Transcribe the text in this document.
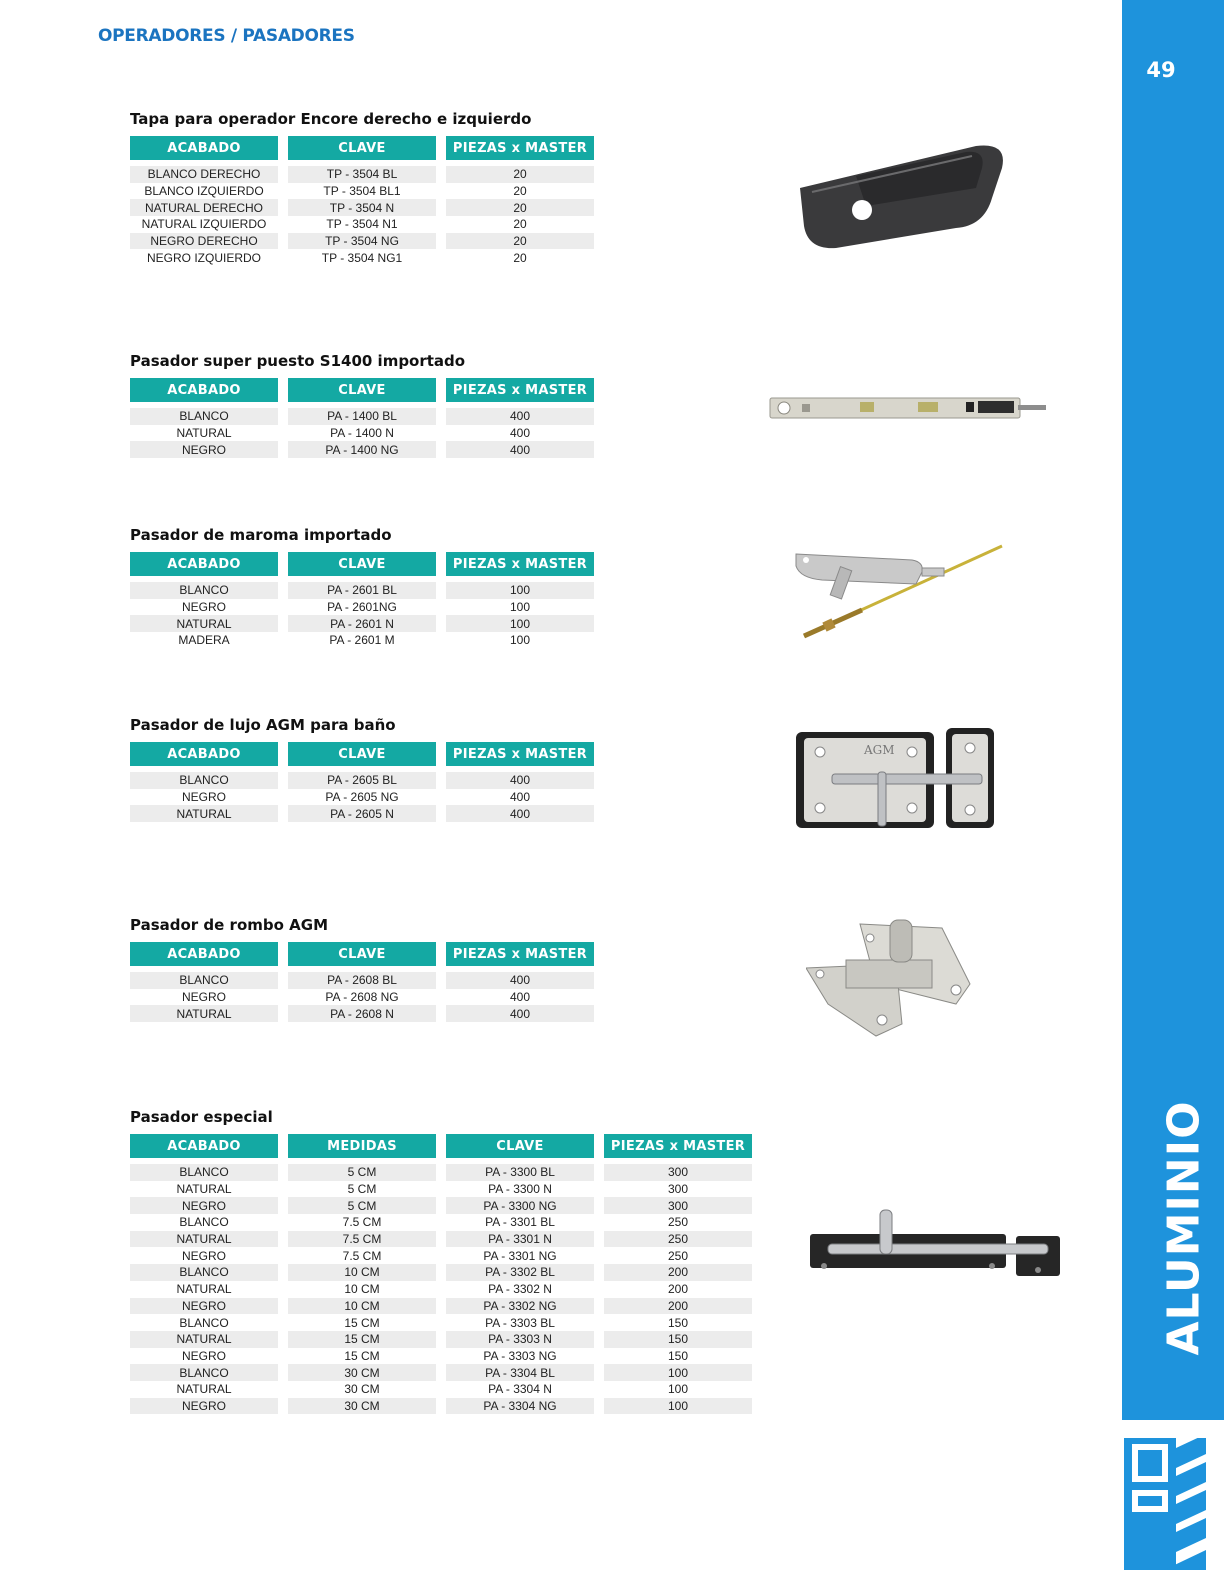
OPERADORES / PASADORES
49
ALUMINIO
Tapa para operador Encore derecho e izquierdo
ACABADO
BLANCO DERECHO
BLANCO IZQUIERDO
NATURAL DERECHO
NATURAL IZQUIERDO
NEGRO DERECHO
NEGRO IZQUIERDO
CLAVE
TP - 3504 BL
TP - 3504 BL1
TP - 3504 N
TP - 3504 N1
TP - 3504 NG
TP - 3504 NG1
PIEZAS x MASTER
20
20
20
20
20
20
Pasador super puesto S1400 importado
ACABADO
BLANCO
NATURAL
NEGRO
CLAVE
PA - 1400 BL
PA - 1400 N
PA - 1400 NG
PIEZAS x MASTER
400
400
400
Pasador de maroma importado
ACABADO
BLANCO
NEGRO
NATURAL
MADERA
CLAVE
PA - 2601 BL
PA - 2601NG
PA - 2601 N
PA - 2601 M
PIEZAS x MASTER
100
100
100
100
Pasador de lujo AGM para baño
ACABADO
BLANCO
NEGRO
NATURAL
CLAVE
PA - 2605 BL
PA - 2605 NG
PA - 2605 N
PIEZAS x MASTER
400
400
400
Pasador de rombo AGM
ACABADO
BLANCO
NEGRO
NATURAL
CLAVE
PA - 2608 BL
PA - 2608 NG
PA - 2608 N
PIEZAS x MASTER
400
400
400
Pasador especial
ACABADO
BLANCO
NATURAL
NEGRO
BLANCO
NATURAL
NEGRO
BLANCO
NATURAL
NEGRO
BLANCO
NATURAL
NEGRO
BLANCO
NATURAL
NEGRO
MEDIDAS
5 CM
5 CM
5 CM
7.5 CM
7.5 CM
7.5 CM
10 CM
10 CM
10 CM
15 CM
15 CM
15 CM
30 CM
30 CM
30 CM
CLAVE
PA - 3300 BL
PA - 3300 N
PA - 3300 NG
PA - 3301 BL
PA - 3301 N
PA - 3301 NG
PA - 3302 BL
PA - 3302 N
PA - 3302 NG
PA - 3303 BL
PA - 3303 N
PA - 3303 NG
PA - 3304 BL
PA - 3304 N
PA - 3304 NG
PIEZAS x MASTER
300
300
300
250
250
250
200
200
200
150
150
150
100
100
100
AGM
